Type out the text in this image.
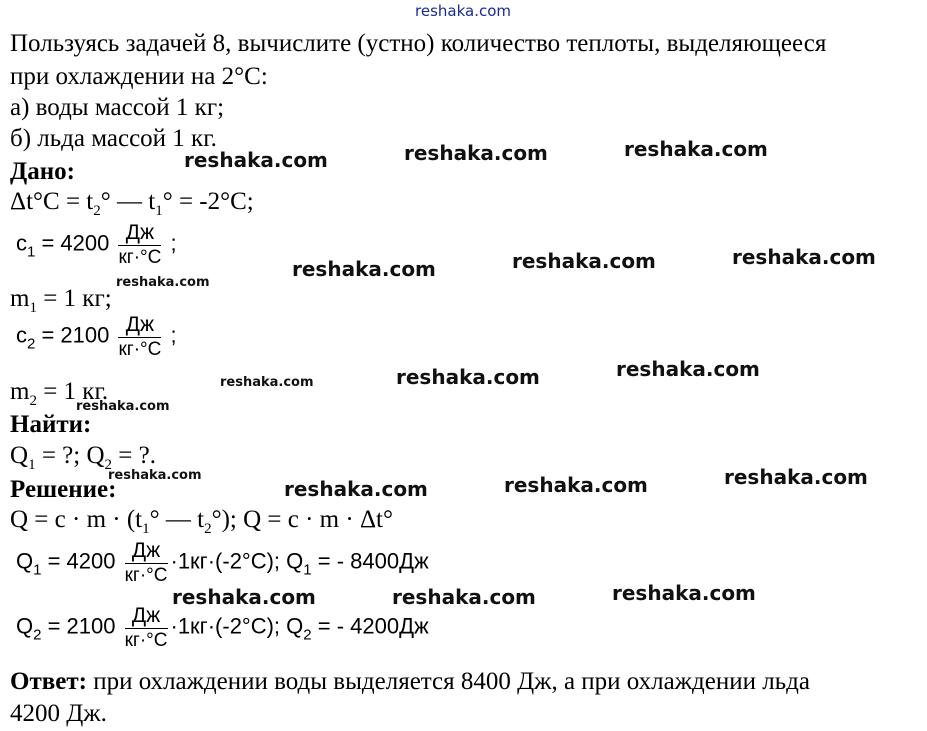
reshaka.com
Пользуясь задачей 8, вычислите (устно) количество теплоты, выделяющееся
при охлаждении на 2°C:
а) воды массой 1 кг;
б) льда массой 1 кг.
Дано:
$\Delta t^\circ C = t_2^\circ$ — $t_1^\circ = -2^\circ C$;
$c_1 = 4200 \frac{Дж}{кг\cdot^\circ C}$ ;
$m_1 = 1$ кг;
$c_2 = 2100 \frac{Дж}{кг\cdot^\circ C}$ ;
$m_2 = 1$ кг.
Найти:
$Q_1$ = ?; $Q_2$ = ?.
Решение:
$Q = c \cdot m \cdot (t_1^\circ$ — $t_2^\circ$); Q = c · m · Δt°
$Q_1 = 4200 \frac{Дж}{кг\cdot^\circ C} \cdot 1кг\cdot(-2^\circ C)$; $Q_1$ = - 8400Дж
$Q_2 = 2100 \frac{Дж}{кг\cdot^\circ C} \cdot 1кг\cdot(-2^\circ C)$; $Q_2$ = - 4200Дж
Ответ: при охлаждении воды выделяется 8400 Дж, а при охлаждении льда
4200 Дж.
reshaka.com	reshaka.com	reshaka.com
reshaka.com	reshaka.com	reshaka.com
reshaka.com
reshaka.com	reshaka.com
reshaka.com
reshaka.com
reshaka.com
reshaka.com	reshaka.com	reshaka.com
reshaka.com	reshaka.com	reshaka.com
